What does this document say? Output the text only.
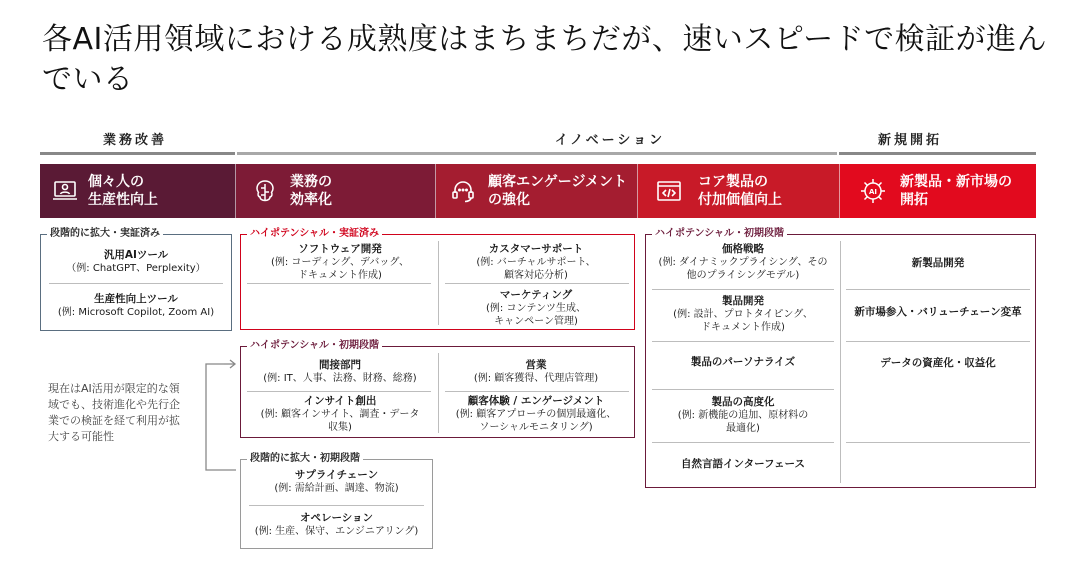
各AI活用領域における成熟度はまちまちだが、速いスピードで検証が進んでいる
業務改善	イノベーション	新規開拓
個々人の
生産性向上
業務の
効率化
顧客エンゲージメント
の強化
コア製品の
付加価値向上	AI
新製品・新市場の
開拓
段階的に拡大・実証済み
汎用AIツール
（例: ChatGPT、Perplexity）
生産性向上ツール
(例: Microsoft Copilot, Zoom AI)
ハイポテンシャル・実証済み
ソフトウェア開発
(例: コーディング、デバッグ、
ドキュメント作成)
カスタマーサポート
(例: バーチャルサポート、
顧客対応分析)
マーケティング
(例: コンテンツ生成、
キャンペーン管理)
ハイポテンシャル・初期段階
間接部門
(例: IT、人事、法務、財務、総務)
営業
(例: 顧客獲得、代理店管理)
インサイト創出
(例: 顧客インサイト、調査・データ
収集)
顧客体験 / エンゲージメント
(例: 顧客アプローチの個別最適化、
ソーシャルモニタリング)
段階的に拡大・初期段階
サプライチェーン
(例: 需給計画、調達、物流)
オペレーション
(例: 生産、保守、エンジニアリング)
ハイポテンシャル・初期段階
価格戦略
(例: ダイナミックプライシング、その
他のプライシングモデル)
製品開発
(例: 設計、プロトタイピング、
ドキュメント作成)
製品のパーソナライズ
製品の高度化
(例: 新機能の追加、原材料の
最適化)
自然言語インターフェース
新製品開発
新市場参入・バリューチェーン変革
データの資産化・収益化
現在はAI活用が限定的な領域でも、技術進化や先行企業での検証を経て利用が拡大する可能性
